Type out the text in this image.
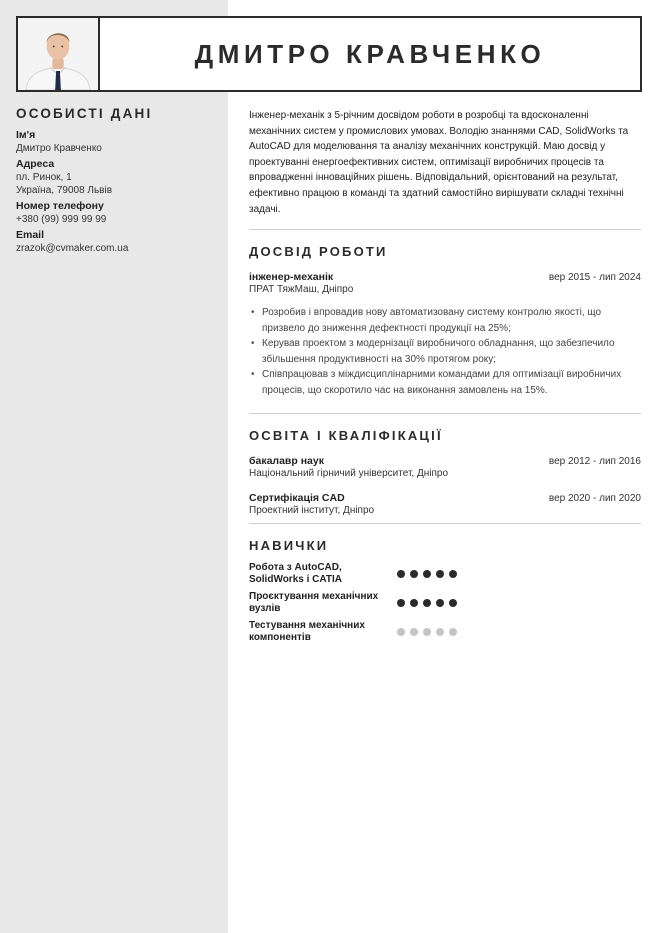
ДМИТРО КРАВЧЕНКО
ОСОБИСТІ ДАНІ
Ім'я
Дмитро Кравченко
Адреса
пл. Ринок, 1
Україна, 79008 Львів
Номер телефону
+380 (99) 999 99 99
Email
zrazok@cvmaker.com.ua

Інженер-механік з 5-річним досвідом роботи в розробці та вдосконаленні механічних систем у промислових умовах. Володію знаннями CAD, SolidWorks та AutoCAD для моделювання та аналізу механічних конструкцій. Маю досвід у проектуванні енергоефективних систем, оптимізації виробничих процесів та впровадженні інноваційних рішень. Відповідальний, орієнтований на результат, ефективно працюю в команді та здатний самостійно вирішувати складні технічні задачі.

ДОСВІД РОБОТИ
інженер-механік	вер 2015 - лип 2024
ПРАТ ТяжМаш, Дніпро
• Розробив і впровадив нову автоматизовану систему контролю якості, що призвело до зниження дефектності продукції на 25%;
• Керував проектом з модернізації виробничого обладнання, що забезпечило збільшення продуктивності на 30% протягом року;
• Співпрацював з міждисциплінарними командами для оптимізації виробничих процесів, що скоротило час на виконання замовлень на 15%.
ОСВІТА І КВАЛІФІКАЦІЇ
бакалавр наук	вер 2012 - лип 2016
Національний гірничий університет, Дніпро
Сертифікація CAD	вер 2020 - лип 2020
Проектний інститут, Дніпро
НАВИЧКИ
Робота з AutoCAD,
SolidWorks і CATIA
Проєктування механічних
вузлів
Тестування механічних
компонентів
